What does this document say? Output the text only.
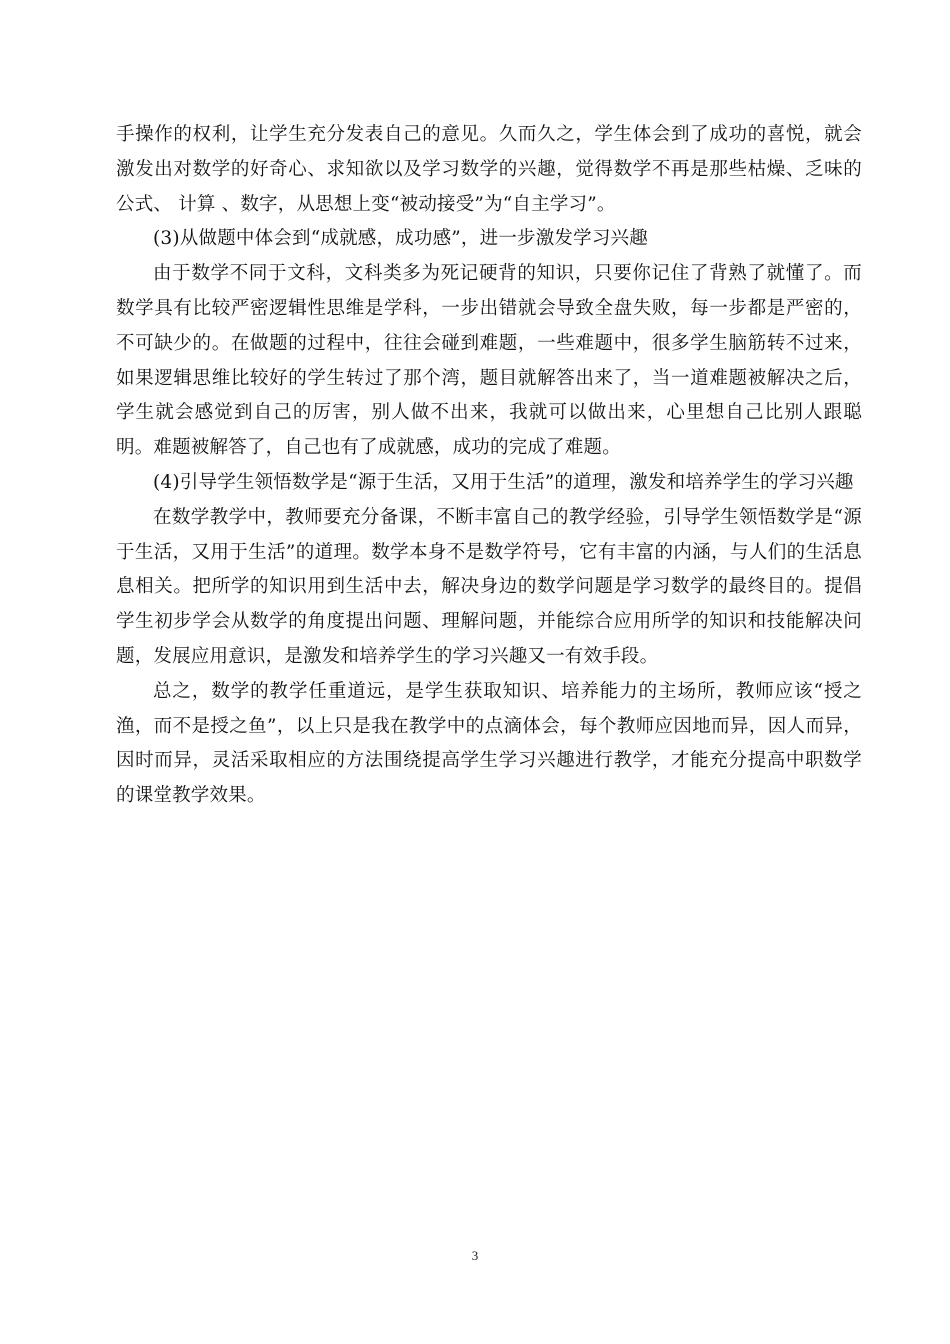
手操作的权利，让学生充分发表自己的意见。久而久之，学生体会到了成功的喜悦，就会激发出对数学的好奇心、求知欲以及学习数学的兴趣，觉得数学不再是那些枯燥、乏味的公式、 计算 、数字，从思想上变“被动接受”为“自主学习”。

(3)从做题中体会到“成就感，成功感”，进一步激发学习兴趣

由于数学不同于文科，文科类多为死记硬背的知识，只要你记住了背熟了就懂了。而数学具有比较严密逻辑性思维是学科，一步出错就会导致全盘失败，每一步都是严密的，不可缺少的。在做题的过程中，往往会碰到难题，一些难题中，很多学生脑筋转不过来，如果逻辑思维比较好的学生转过了那个湾，题目就解答出来了，当一道难题被解决之后，学生就会感觉到自己的厉害，别人做不出来，我就可以做出来，心里想自己比别人跟聪明。难题被解答了，自己也有了成就感，成功的完成了难题。

(4)引导学生领悟数学是“源于生活，又用于生活”的道理，激发和培养学生的学习兴趣

在数学教学中，教师要充分备课，不断丰富自己的教学经验，引导学生领悟数学是“源于生活，又用于生活”的道理。数学本身不是数学符号，它有丰富的内涵，与人们的生活息息相关。把所学的知识用到生活中去，解决身边的数学问题是学习数学的最终目的。提倡学生初步学会从数学的角度提出问题、理解问题，并能综合应用所学的知识和技能解决问题，发展应用意识，是激发和培养学生的学习兴趣又一有效手段。

总之，数学的教学任重道远，是学生获取知识、培养能力的主场所，教师应该“授之渔，而不是授之鱼”，以上只是我在教学中的点滴体会，每个教师应因地而异，因人而异，因时而异，灵活采取相应的方法围绕提高学生学习兴趣进行教学，才能充分提高中职数学的课堂教学效果。

3
